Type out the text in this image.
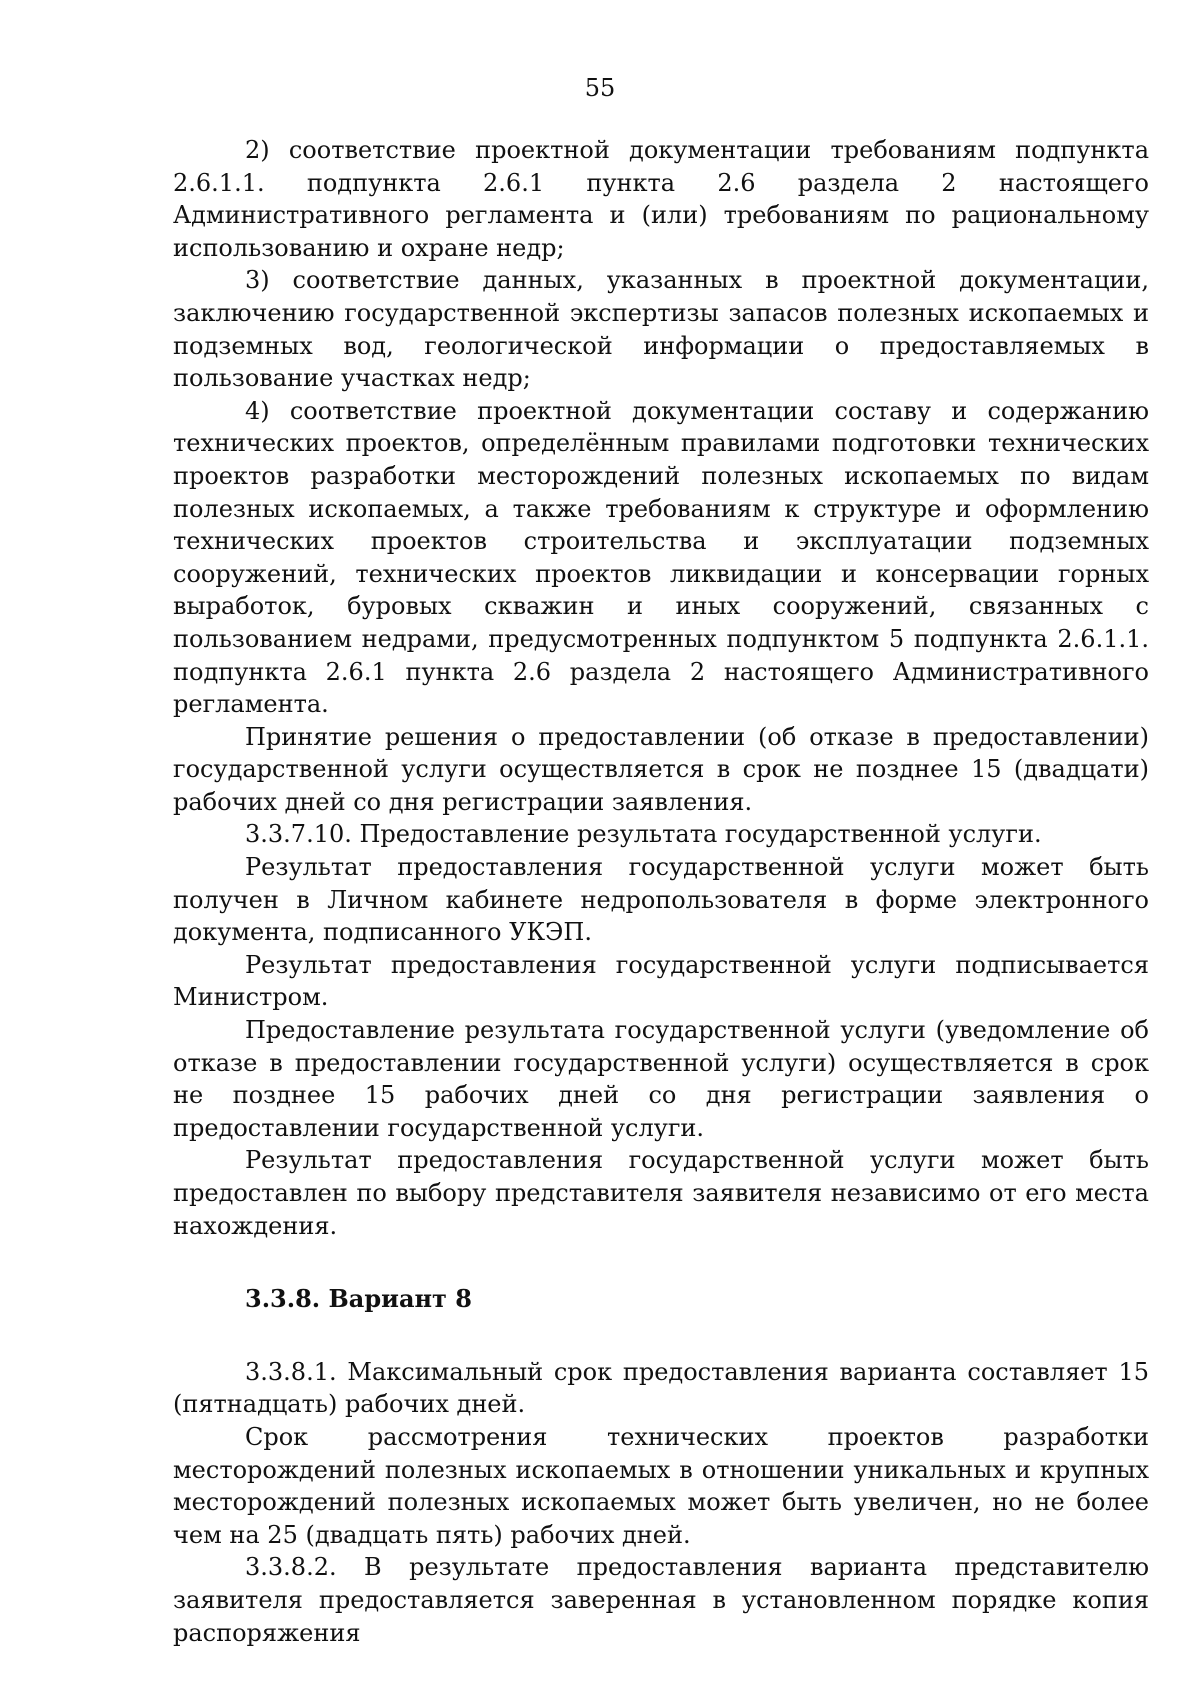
55

2) соответствие проектной документации требованиям подпункта 2.6.1.1. подпункта 2.6.1 пункта 2.6 раздела 2 настоящего Административного регламента и (или) требованиям по рациональному использованию и охране недр;

3) соответствие данных, указанных в проектной документации, заключению государственной экспертизы запасов полезных ископаемых и подземных вод, геологической информации о предоставляемых в пользование участках недр;

4) соответствие проектной документации составу и содержанию технических проектов, определённым правилами подготовки технических проектов разработки месторождений полезных ископаемых по видам полезных ископаемых, а также требованиям к структуре и оформлению технических проектов строительства и эксплуатации подземных сооружений, технических проектов ликвидации и консервации горных выработок, буровых скважин и иных сооружений, связанных с пользованием недрами, предусмотренных подпунктом 5 подпункта 2.6.1.1. подпункта 2.6.1 пункта 2.6 раздела 2 настоящего Административного регламента.

Принятие решения о предоставлении (об отказе в предоставлении) государственной услуги осуществляется в срок не позднее 15 (двадцати) рабочих дней со дня регистрации заявления.

3.3.7.10. Предоставление результата государственной услуги.

Результат предоставления государственной услуги может быть получен в Личном кабинете недропользователя в форме электронного документа, подписанного УКЭП.

Результат предоставления государственной услуги подписывается Министром.

Предоставление результата государственной услуги (уведомление об отказе в предоставлении государственной услуги) осуществляется в срок не позднее 15 рабочих дней со дня регистрации заявления о предоставлении государственной услуги.

Результат предоставления государственной услуги может быть предоставлен по выбору представителя заявителя независимо от его места нахождения.

3.3.8. Вариант 8

3.3.8.1. Максимальный срок предоставления варианта составляет 15 (пятнадцать) рабочих дней.

Срок рассмотрения технических проектов разработки месторождений полезных ископаемых в отношении уникальных и крупных месторождений полезных ископаемых может быть увеличен, но не более чем на 25 (двадцать пять) рабочих дней.

3.3.8.2. В результате предоставления варианта представителю заявителя предоставляется заверенная в установленном порядке копия распоряжения
